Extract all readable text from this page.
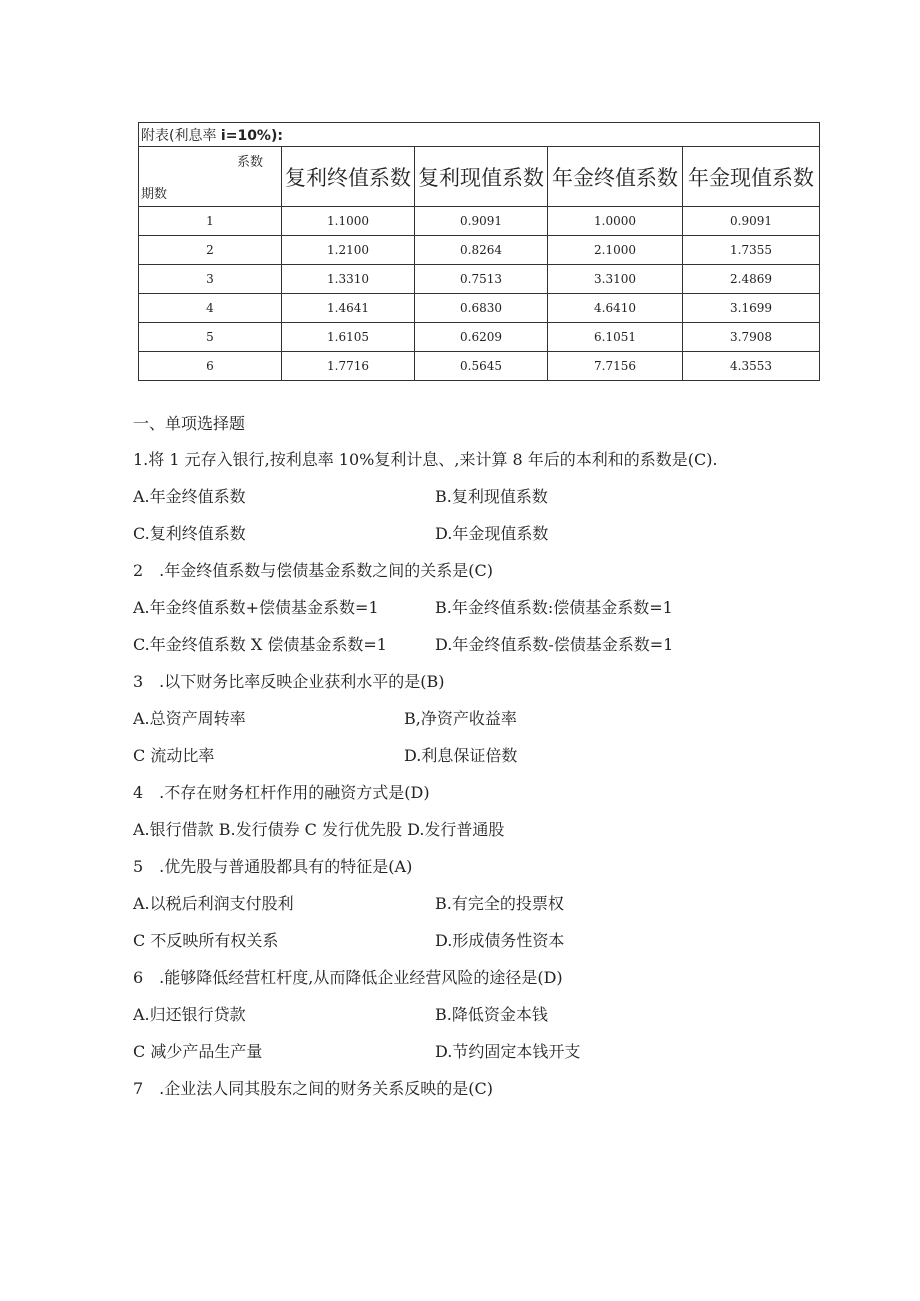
附表(利息率 i=10%):				

系数
期数	复利终值系数	复利现值系数	年金终值系数	年金现值系数
1	1.1000	0.9091	1.0000	0.9091
2	1.2100	0.8264	2.1000	1.7355
3	1.3310	0.7513	3.3100	2.4869
4	1.4641	0.6830	4.6410	3.1699
5	1.6105	0.6209	6.1051	3.7908
6	1.7716	0.5645	7.7156	4.3553
一、单项选择题
1.将 1 元存入银行,按利息率 10%复利计息、,来计算 8 年后的本利和的系数是(C).
A.年金终值系数	B.复利现值系数
C.复利终值系数	D.年金现值系数
2　.年金终值系数与偿债基金系数之间的关系是(C)
A.年金终值系数+偿债基金系数=1	B.年金终值系数:偿债基金系数=1
C.年金终值系数 X 偿债基金系数=1	D.年金终值系数-偿债基金系数=1
3　.以下财务比率反映企业获利水平的是(B)
A.总资产周转率	B,净资产收益率
C 流动比率	D.利息保证倍数
4　.不存在财务杠杆作用的融资方式是(D)
A.银行借款 B.发行债券 C 发行优先股 D.发行普通股
5　.优先股与普通股都具有的特征是(A)
A.以税后利润支付股利	B.有完全的投票权
C 不反映所有权关系	D.形成债务性资本
6　.能够降低经营杠杆度,从而降低企业经营风险的途径是(D)
A.归还银行贷款	B.降低资金本钱
C 减少产品生产量	D.节约固定本钱开支
7　.企业法人同其股东之间的财务关系反映的是(C)
